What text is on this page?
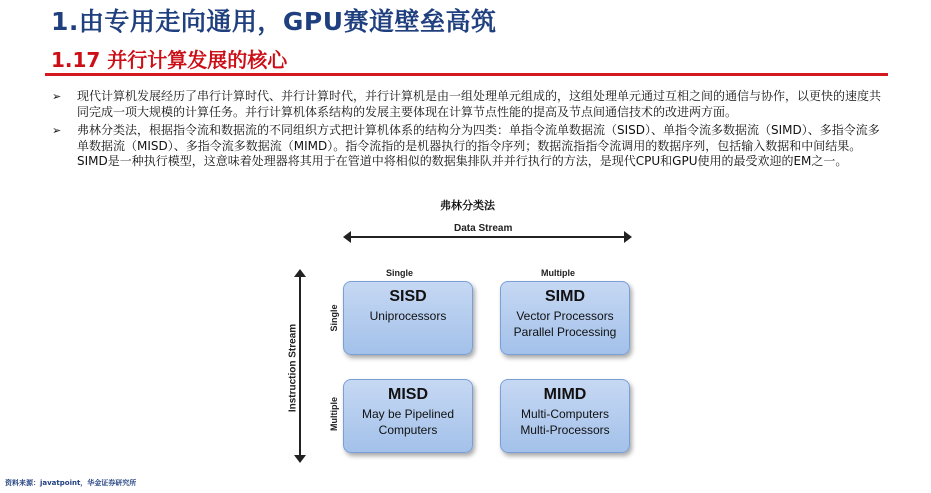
1.由专用走向通用，GPU赛道壁垒高筑
1.17 并行计算发展的核心
➢ 现代计算机发展经历了串行计算时代、并行计算时代，并行计算机是由一组处理单元组成的，这组处理单元通过互相之间的通信与协作，以更快的速度共同完成一项大规模的计算任务。并行计算机体系结构的发展主要体现在计算节点性能的提高及节点间通信技术的改进两方面。
➢ 弗林分类法，根据指令流和数据流的不同组织方式把计算机体系的结构分为四类：单指令流单数据流（SISD）、单指令流多数据流（SIMD）、多指令流多单数据流（MISD）、多指令流多数据流（MIMD）。指令流指的是机器执行的指令序列；数据流指指令流调用的数据序列，包括输入数据和中间结果。SIMD是一种执行模型，这意味着处理器将其用于在管道中将相似的数据集排队并并行执行的方法，是现代CPU和GPU使用的最受欢迎的EM之一。
弗林分类法
Data Stream
Instruction Stream
Single	Multiple
Single
Multiple
SISD
Uniprocessors
SIMD
Vector Processors
Parallel Processing
MISD
May be Pipelined
Computers
MIMD
Multi-Computers
Multi-Processors
资料来源：javatpoint，华金证券研究所
